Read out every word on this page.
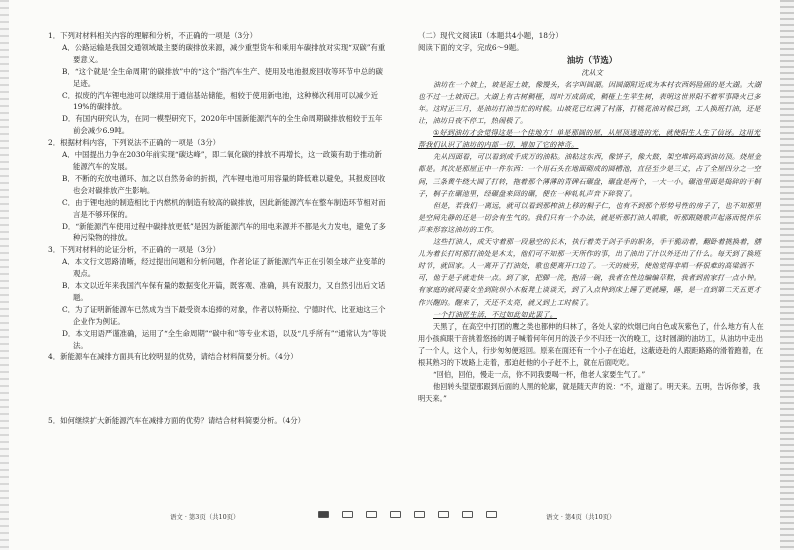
1．下列对材料相关内容的理解和分析，不正确的一项是（3分）

A．公路运输是我国交通领域最主要的碳排放来源，减少重型货车和乘用车碳排放对实现“双碳”有重要意义。

B．“这个就是‘全生命周期’的碳排放”中的“这个”指汽车生产、使用及电池报废回收等环节中总的碳足迹。

C．拟废的汽车锂电池可以继续用于通信基站储能，相较于使用新电池，这种梯次利用可以减少近19%的碳排放。

D．有国内研究认为，在同一模型研究下，2020年中国新能源汽车的全生命周期碳排放相较于五年前会减少6.9吨。

2．根据材料内容，下列说法不正确的一项是（3分）

A．中国提出力争在2030年前实现“碳达峰”，即二氧化碳的排放不再增长，这一政策有助于推动新能源汽车的发展。

B．不断的充放电循环、加之以自然务命的折损，汽车锂电池可用容量的降低难以避免，其报废回收也会对碳排放产生影响。

C．由于锂电池的制造相比于内燃机的制造有较高的碳排放，因此新能源汽车在整车制造环节相对而言是不够环保的。

D．“新能源汽车使用过程中碳排放更低”是因为新能源汽车的用电来源并不都是火力发电，避免了多种污染物的排放。

3．下列对材料的论证分析，不正确的一项是（3分）

A．本文行文思路清晰，经过提出问题和分析问题，作者论证了新能源汽车正在引领全球产业变革的观点。

B．本文以近年来我国汽车保有量的数据变化开篇，既客观、准确，具有说服力，又自然引出后文话题。

C．为了证明新能源车已然成为当下最受资本追捧的对象，作者以特斯拉、宁德时代、比亚迪这三个企业作为例证。

D．本文用语严谨准确，运用了“全生命周期”“碳中和”等专业术语，以及“几乎所有”“通常认为”等说法。

4．新能源车在减排方面具有比较明显的优势，请结合材料简要分析。（4分）

5．如何继续扩大新能源汽车在减排方面的优势？请结合材料简要分析。（4分）

（二）现代文阅读Ⅱ（本题共4小题，18分）

阅读下面的文字，完成6～9题。

油坊（节选）

沈从文

油坊在一个坡上，坡是泥土坡，像馒头，名字叫圆湖。因圆湖附近成为本村衣西妈险固的是大湖。大湖也不过一土坡而已。大湖上有古树稠桠，周叶万成荫成，稠桠上生苹生树，表明这世界阳不着军事降火已多年。这时正三月，是油坊打油当忙的时候。山坡花已红满了村落，打桃花油对候已到，工人换班打油，还是让，油坊日夜不停工，热闹极了。

①好到油坊才会觉得这是一个佳地方！单是那圆的屋，从屋顶透进的光，就使阳生人生了信讶。这用光帮我们认识了油坊的内部一切，增加了它的神奇。

先从四面看，可以看到成千成万的油粘。油粘这东西，像饼子，像大鼓，架空堆码高到油坊顶。烧屋金都是。其次是那屋正中一件东西：一个用石头在地面砌成的圆槽池，直径至少是三丈，占了全屋四分之一空间，三条黄牛绕大圆了打转，拖着那个薄薄的青碑石碾盘，碾盘是两个，一大一小。碾池里面是捣碎的干桐子，桐子在碾池里，经碾盘来回的碾，便在一种轧轧声音下碎裂了。

但是，若我们一离远，就可以看到那榨油上移的桐子仁，也有不到那个形势号性的房子了，也不知那里是空间先静的还是一切会有生气的。我们只有一个办法，就是听那打油人唱歌，听那跟随歌声起落而悦伴乐声来形容这油坊的工作。

这些打油人，成天守着那一段悬空的长木，执行着类于剑子手的职务，手干脆动着，翻卧着挑换着，膳儿为着长打时那打油处是木太，他们可不知那一天所作的事，出了油出了汁以外还出了什么。每天到了换班时节，就回家。人一离开了打油处，歌也便离开口边了。一天的疲劳，使他觉得非唱一杯很难的高梁酒不可，他于是子就走快一点。到了家，把脚一洗，抱清一碗，我者在性边编编草鞋，我者到前家打一点小钟。有家庭的就同妻女坐到院坝小木板凳上谈谈天，到了入点钟到床上睡了更就睡，睡，是一直到第二天五更才作兴醒的。醒来了，天还不太亮，就又到上工时候了。

一个打油匠生活，不过如此如此罢了。

天黑了，在高空中打团的鹰之类也都伸的归林了，各处人家的炊烟已向白色或灰紫色了，什么地方有人在用小孩疯眼干音挑着悠扬的调子喊着何年何月的汲子少不归还一次的晚工，这时圆湖的油坊工，从油坊中走出了一个人，这个人，行步匆匆便返回。原来在面还有一个小子在追赶，这蔽迹赴的人跟距路路的滑着跑着，在根其熟习的下坡路上走着，那迫赶他的小子赶不上，就在后面吃吃。

“回伯，回伯，慢走一点，你不同我要喝一杯，他老人家要生气了。”

他回转头望望那跟到后面的人黑的轮廓，就是随天声的说：“不，道谢了。明天来。五明，告诉你爹，我明天来。”

语文 · 第3页（共10页）	语文 · 第4页（共10页）
